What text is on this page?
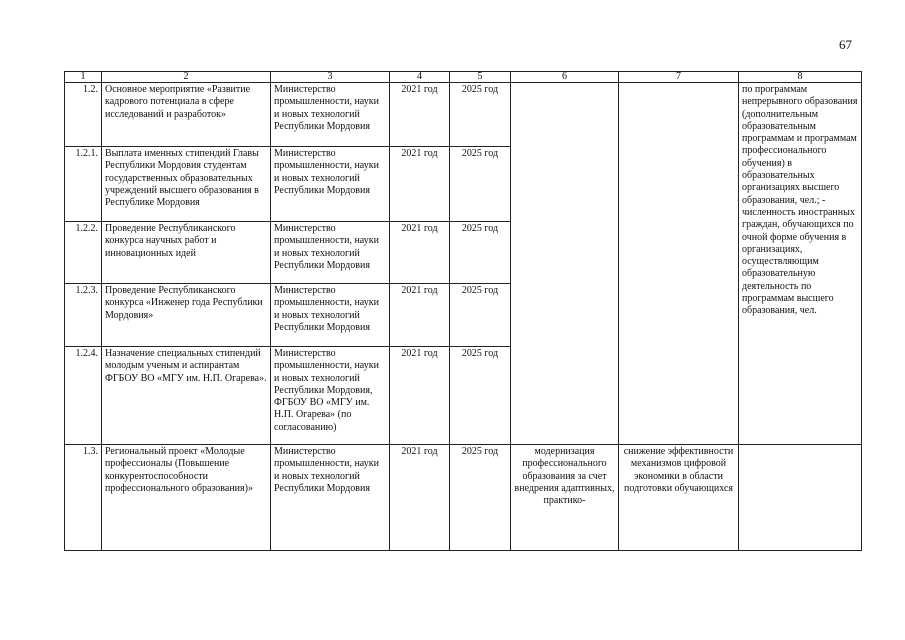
67
1	2	3	4	5	6	7	8
1.2.	Основное мероприятие «Развитие кадрового потенциала в сфере исследований и разработок»	Министерство промышленности, науки и новых технологий Республики Мордовия	2021 год	2025 год			по программам непрерывного образования (дополнительным образовательным программам и программам профессионального обучения) в образовательных организациях высшего образования, чел.; - численность иностранных граждан, обучающихся по очной форме обучения в организациях, осуществляющим образовательную деятельность по программам высшего образования, чел.
1.2.1.	Выплата именных стипендий Главы Республики Мордовия студентам государственных образовательных учреждений высшего образования в Республике Мордовия	Министерство промышленности, науки и новых технологий Республики Мордовия	2021 год	2025 год			
1.2.2.	Проведение Республиканского конкурса научных работ и инновационных идей	Министерство промышленности, науки и новых технологий Республики Мордовия	2021 год	2025 год			
1.2.3.	Проведение Республиканского конкурса «Инженер года Республики Мордовия»	Министерство промышленности, науки и новых технологий Республики Мордовия	2021 год	2025 год			
1.2.4.	Назначение специальных стипендий молодым ученым и аспирантам ФГБОУ ВО «МГУ им. Н.П. Огарева».	Министерство промышленности, науки и новых технологий Республики Мордовия, ФГБОУ ВО «МГУ им. Н.П. Огарева» (по согласованию)	2021 год	2025 год			
1.3.	Региональный проект «Молодые профессионалы (Повышение конкурентоспособности профессионального образования)»	Министерство промышленности, науки и новых технологий Республики Мордовия	2021 год	2025 год	модернизация профессионального образования за счет внедрения адаптивных, практико-	снижение эффективности механизмов цифровой экономики в области подготовки обучающихся	
